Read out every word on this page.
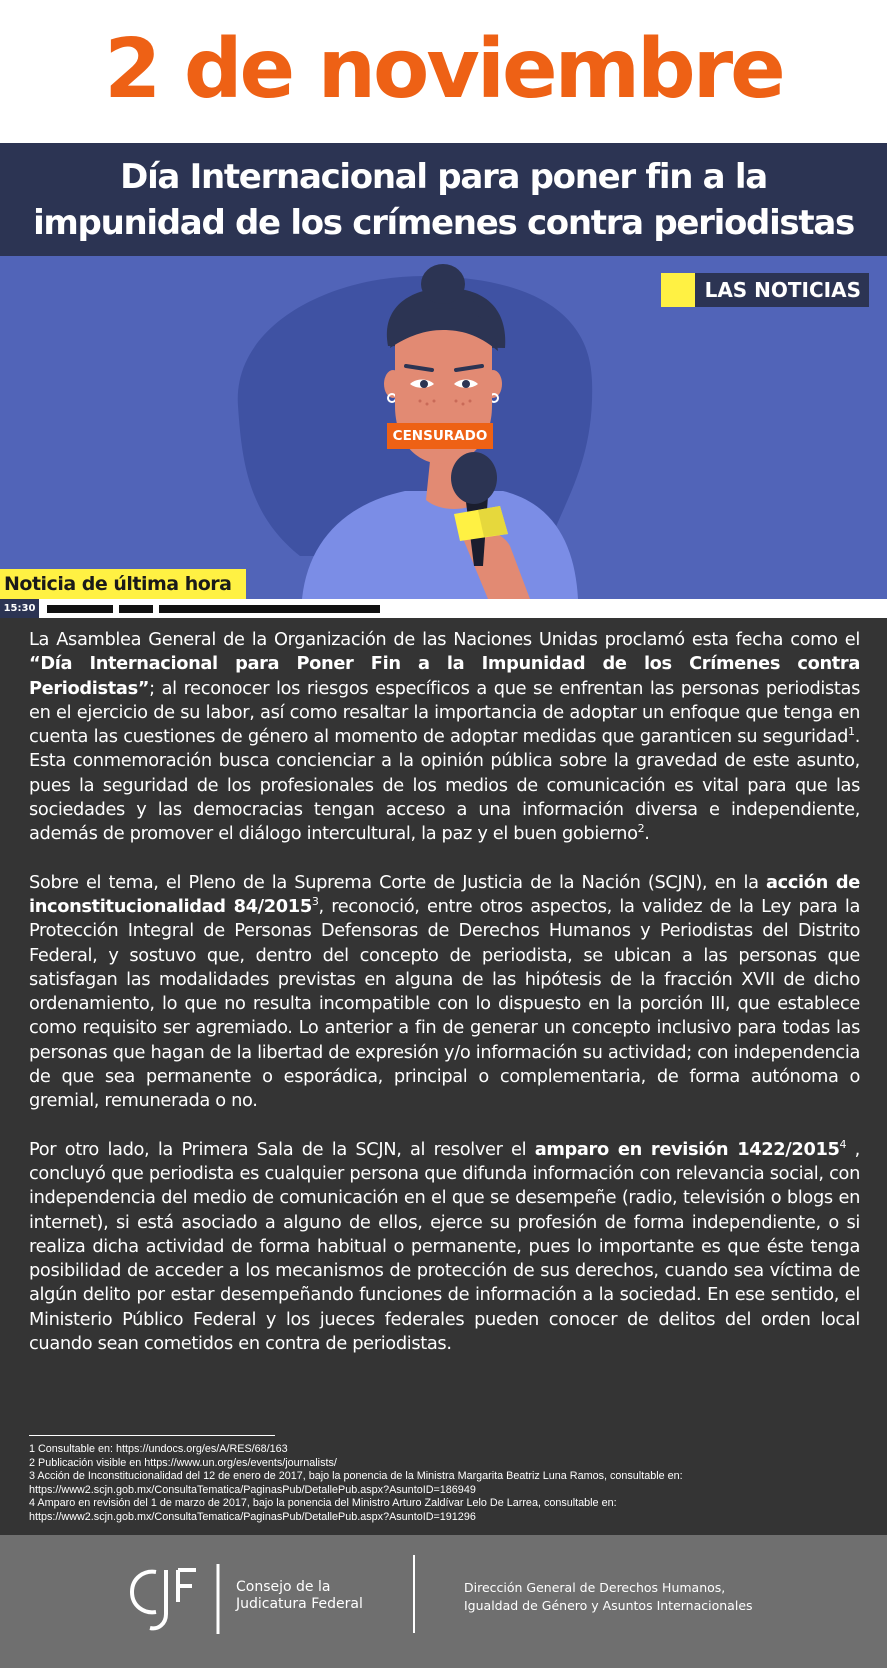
2 de noviembre
Día Internacional para poner fin a la
impunidad de los crímenes contra periodistas
LAS NOTICIAS
CENSURADO
Noticia de última hora
15:30

La Asamblea General de la Organización de las Naciones Unidas proclamó esta fecha como el “Día Internacional para Poner Fin a la Impunidad de los Crímenes contra Periodistas”; al reconocer los riesgos específicos a que se enfrentan las personas periodistas en el ejercicio de su labor, así como resaltar la importancia de adoptar un enfoque que tenga en cuenta las cuestiones de género al momento de adoptar medidas que garanticen su seguridad$^1$. Esta conmemoración busca concienciar a la opinión pública sobre la gravedad de este asunto, pues la seguridad de los profesionales de los medios de comunicación es vital para que las sociedades y las democracias tengan acceso a una información diversa e independiente, además de promover el diálogo intercultural, la paz y el buen gobierno$^2$.

Sobre el tema, el Pleno de la Suprema Corte de Justicia de la Nación (SCJN), en la acción de inconstitucionalidad 84/2015$^3$, reconoció, entre otros aspectos, la validez de la Ley para la Protección Integral de Personas Defensoras de Derechos Humanos y Periodistas del Distrito Federal, y sostuvo que, dentro del concepto de periodista, se ubican a las personas que satisfagan las modalidades previstas en alguna de las hipótesis de la fracción XVII de dicho ordenamiento, lo que no resulta incompatible con lo dispuesto en la porción III, que establece como requisito ser agremiado. Lo anterior a fin de generar un concepto inclusivo para todas las personas que hagan de la libertad de expresión y/o información su actividad; con independencia de que sea permanente o esporádica, principal o complementaria, de forma autónoma o gremial, remunerada o no.

Por otro lado, la Primera Sala de la SCJN, al resolver el amparo en revisión 1422/2015$^4$ , concluyó que periodista es cualquier persona que difunda información con relevancia social, con independencia del medio de comunicación en el que se desempeñe (radio, televisión o blogs en internet), si está asociado a alguno de ellos, ejerce su profesión de forma independiente, o si realiza dicha actividad de forma habitual o permanente, pues lo importante es que éste tenga posibilidad de acceder a los mecanismos de protección de sus derechos, cuando sea víctima de algún delito por estar desempeñando funciones de información a la sociedad. En ese sentido, el Ministerio Público Federal y los jueces federales pueden conocer de delitos del orden local cuando sean cometidos en contra de periodistas.

1 Consultable en: https://undocs.org/es/A/RES/68/163
2 Publicación visible en https://www.un.org/es/events/journalists/
3 Acción de Inconstitucionalidad del 12 de enero de 2017, bajo la ponencia de la Ministra Margarita Beatriz Luna Ramos, consultable en:
https://www2.scjn.gob.mx/ConsultaTematica/PaginasPub/DetallePub.aspx?AsuntoID=186949
4 Amparo en revisión del 1 de marzo de 2017, bajo la ponencia del Ministro Arturo Zaldívar Lelo De Larrea, consultable en:
https://www2.scjn.gob.mx/ConsultaTematica/PaginasPub/DetallePub.aspx?AsuntoID=191296
Consejo de la
Judicatura Federal
Dirección General de Derechos Humanos,
Igualdad de Género y Asuntos Internacionales
